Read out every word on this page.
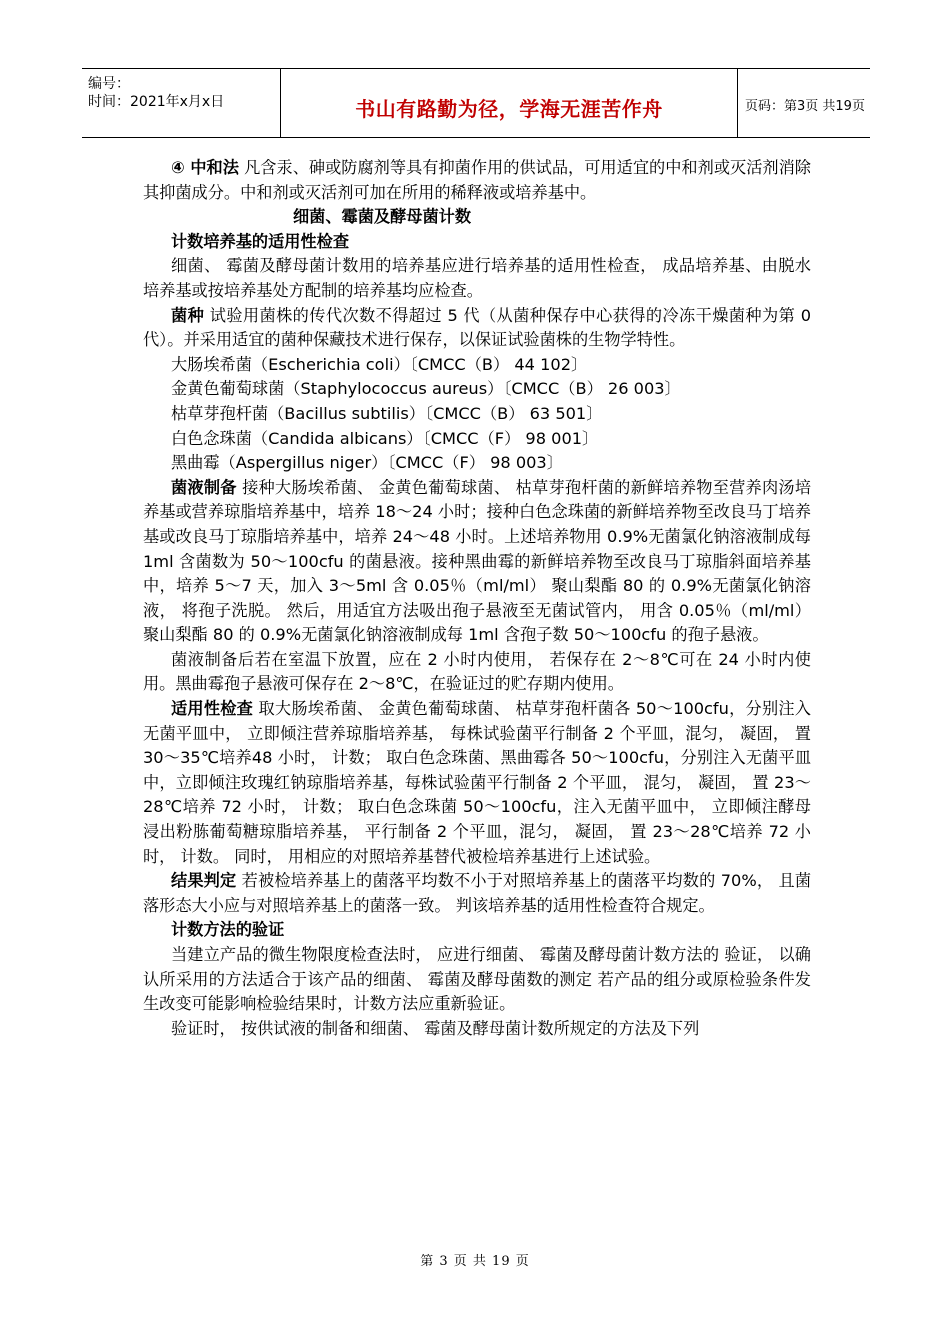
编号：
时间：2021年x月x日	书山有路勤为径，学海无涯苦作舟	页码：第3页 共19页

④ 中和法 凡含汞、砷或防腐剂等具有抑菌作用的供试品，可用适宜的中和剂或灭活剂消除其抑菌成分。中和剂或灭活剂可加在所用的稀释液或培养基中。

细菌、霉菌及酵母菌计数

计数培养基的适用性检查

细菌、 霉菌及酵母菌计数用的培养基应进行培养基的适用性检查， 成品培养基、由脱水培养基或按培养基处方配制的培养基均应检查。

菌种 试验用菌株的传代次数不得超过 5 代（从菌种保存中心获得的冷冻干燥菌种为第 0 代）。并采用适宜的菌种保藏技术进行保存，以保证试验菌株的生物学特性。

大肠埃希菌（Escherichia coli）〔CMCC（B） 44 102〕

金黄色葡萄球菌（Staphylococcus aureus）〔CMCC（B） 26 003〕

枯草芽孢杆菌（Bacillus subtilis）〔CMCC（B） 63 501〕

白色念珠菌（Candida albicans）〔CMCC（F） 98 001〕

黑曲霉（Aspergillus niger）〔CMCC（F） 98 003〕

菌液制备 接种大肠埃希菌、 金黄色葡萄球菌、 枯草芽孢杆菌的新鲜培养物至营养肉汤培养基或营养琼脂培养基中，培养 18～24 小时；接种白色念珠菌的新鲜培养物至改良马丁培养基或改良马丁琼脂培养基中，培养 24～48 小时。上述培养物用 0.9%无菌氯化钠溶液制成每 1ml 含菌数为 50～100cfu 的菌悬液。接种黑曲霉的新鲜培养物至改良马丁琼脂斜面培养基中，培养 5～7 天，加入 3～5ml 含 0.05％（ml/ml） 聚山梨酯 80 的 0.9%无菌氯化钠溶液， 将孢子洗脱。 然后，用适宜方法吸出孢子悬液至无菌试管内， 用含 0.05％（ml/ml） 聚山梨酯 80 的 0.9%无菌氯化钠溶液制成每 1ml 含孢子数 50～100cfu 的孢子悬液。

菌液制备后若在室温下放置，应在 2 小时内使用， 若保存在 2～8℃可在 24 小时内使用。黑曲霉孢子悬液可保存在 2～8℃，在验证过的贮存期内使用。

适用性检查 取大肠埃希菌、 金黄色葡萄球菌、 枯草芽孢杆菌各 50～100cfu，分别注入无菌平皿中， 立即倾注营养琼脂培养基， 每株试验菌平行制备 2 个平皿，混匀， 凝固， 置 30～35℃培养48 小时， 计数； 取白色念珠菌、黑曲霉各 50～100cfu，分别注入无菌平皿中，立即倾注玫瑰红钠琼脂培养基，每株试验菌平行制备 2 个平皿， 混匀， 凝固， 置 23～28℃培养 72 小时， 计数； 取白色念珠菌 50～100cfu，注入无菌平皿中， 立即倾注酵母浸出粉胨葡萄糖琼脂培养基， 平行制备 2 个平皿，混匀， 凝固， 置 23～28℃培养 72 小时， 计数。 同时， 用相应的对照培养基替代被检培养基进行上述试验。

结果判定 若被检培养基上的菌落平均数不小于对照培养基上的菌落平均数的 70%， 且菌落形态大小应与对照培养基上的菌落一致。 判该培养基的适用性检查符合规定。

计数方法的验证

当建立产品的微生物限度检查法时， 应进行细菌、 霉菌及酵母菌计数方法的 验证， 以确认所采用的方法适合于该产品的细菌、 霉菌及酵母菌数的测定 若产品的组分或原检验条件发生改变可能影响检验结果时，计数方法应重新验证。

验证时， 按供试液的制备和细菌、 霉菌及酵母菌计数所规定的方法及下列

第 3 页 共 19 页
